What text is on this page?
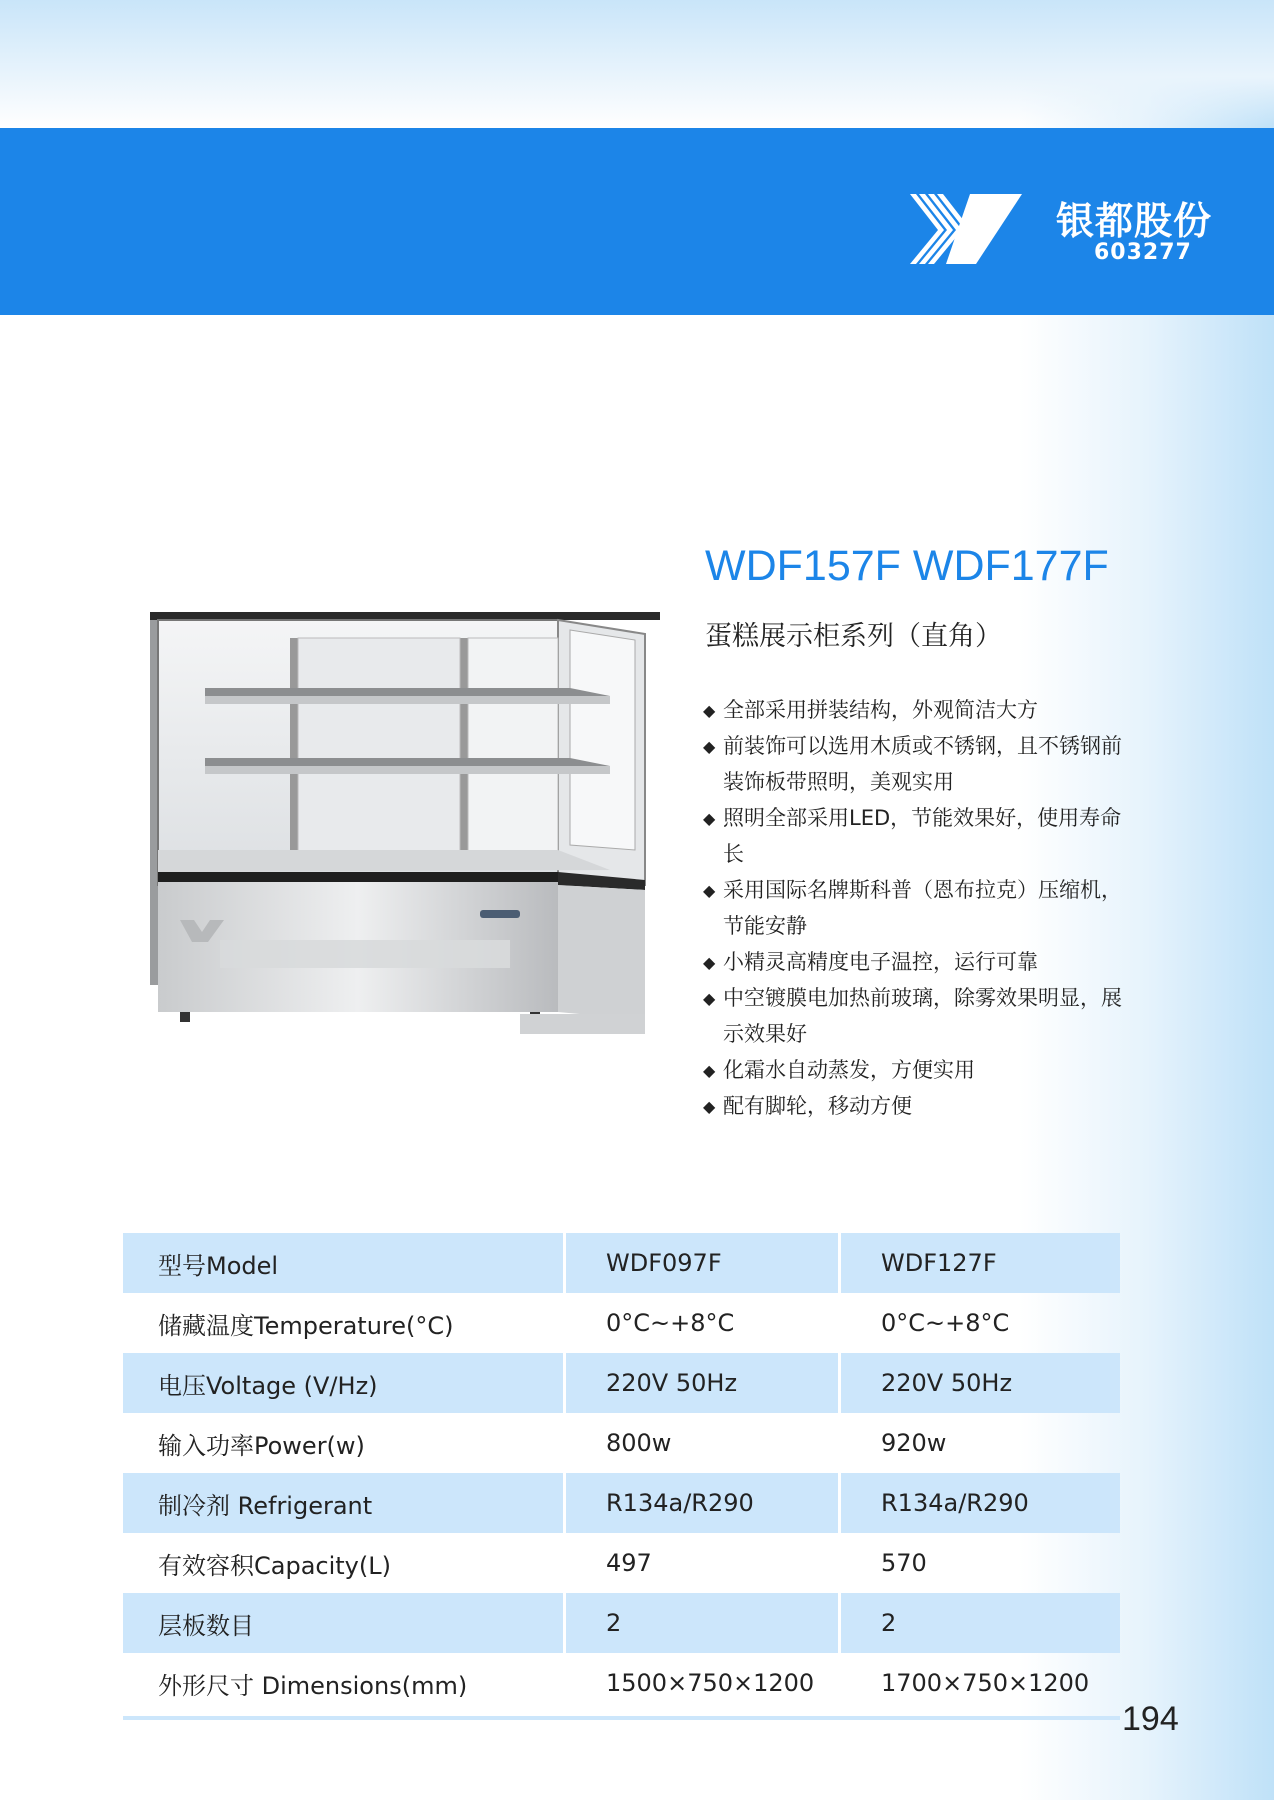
银都股份
603277
WDF157F WDF177F
蛋糕展示柜系列（直角）
◆ 全部采用拼装结构，外观简洁大方
◆ 前装饰可以选用木质或不锈钢，且不锈钢前装饰板带照明，美观实用
◆ 照明全部采用LED，节能效果好，使用寿命长
◆ 采用国际名牌斯科普（恩布拉克）压缩机，节能安静
◆ 小精灵高精度电子温控，运行可靠
◆ 中空镀膜电加热前玻璃，除雾效果明显，展示效果好
◆ 化霜水自动蒸发，方便实用
◆ 配有脚轮，移动方便
型号Model	WDF097F	WDF127F
储藏温度Temperature(°C)	0°C~+8°C	0°C~+8°C
电压Voltage (V/Hz)	220V 50Hz	220V 50Hz
输入功率Power(w)	800w	920w
制冷剂 Refrigerant	R134a/R290	R134a/R290
有效容积Capacity(L)	497	570
层板数目	2	2
外形尺寸 Dimensions(mm)	1500×750×1200	1700×750×1200
194
